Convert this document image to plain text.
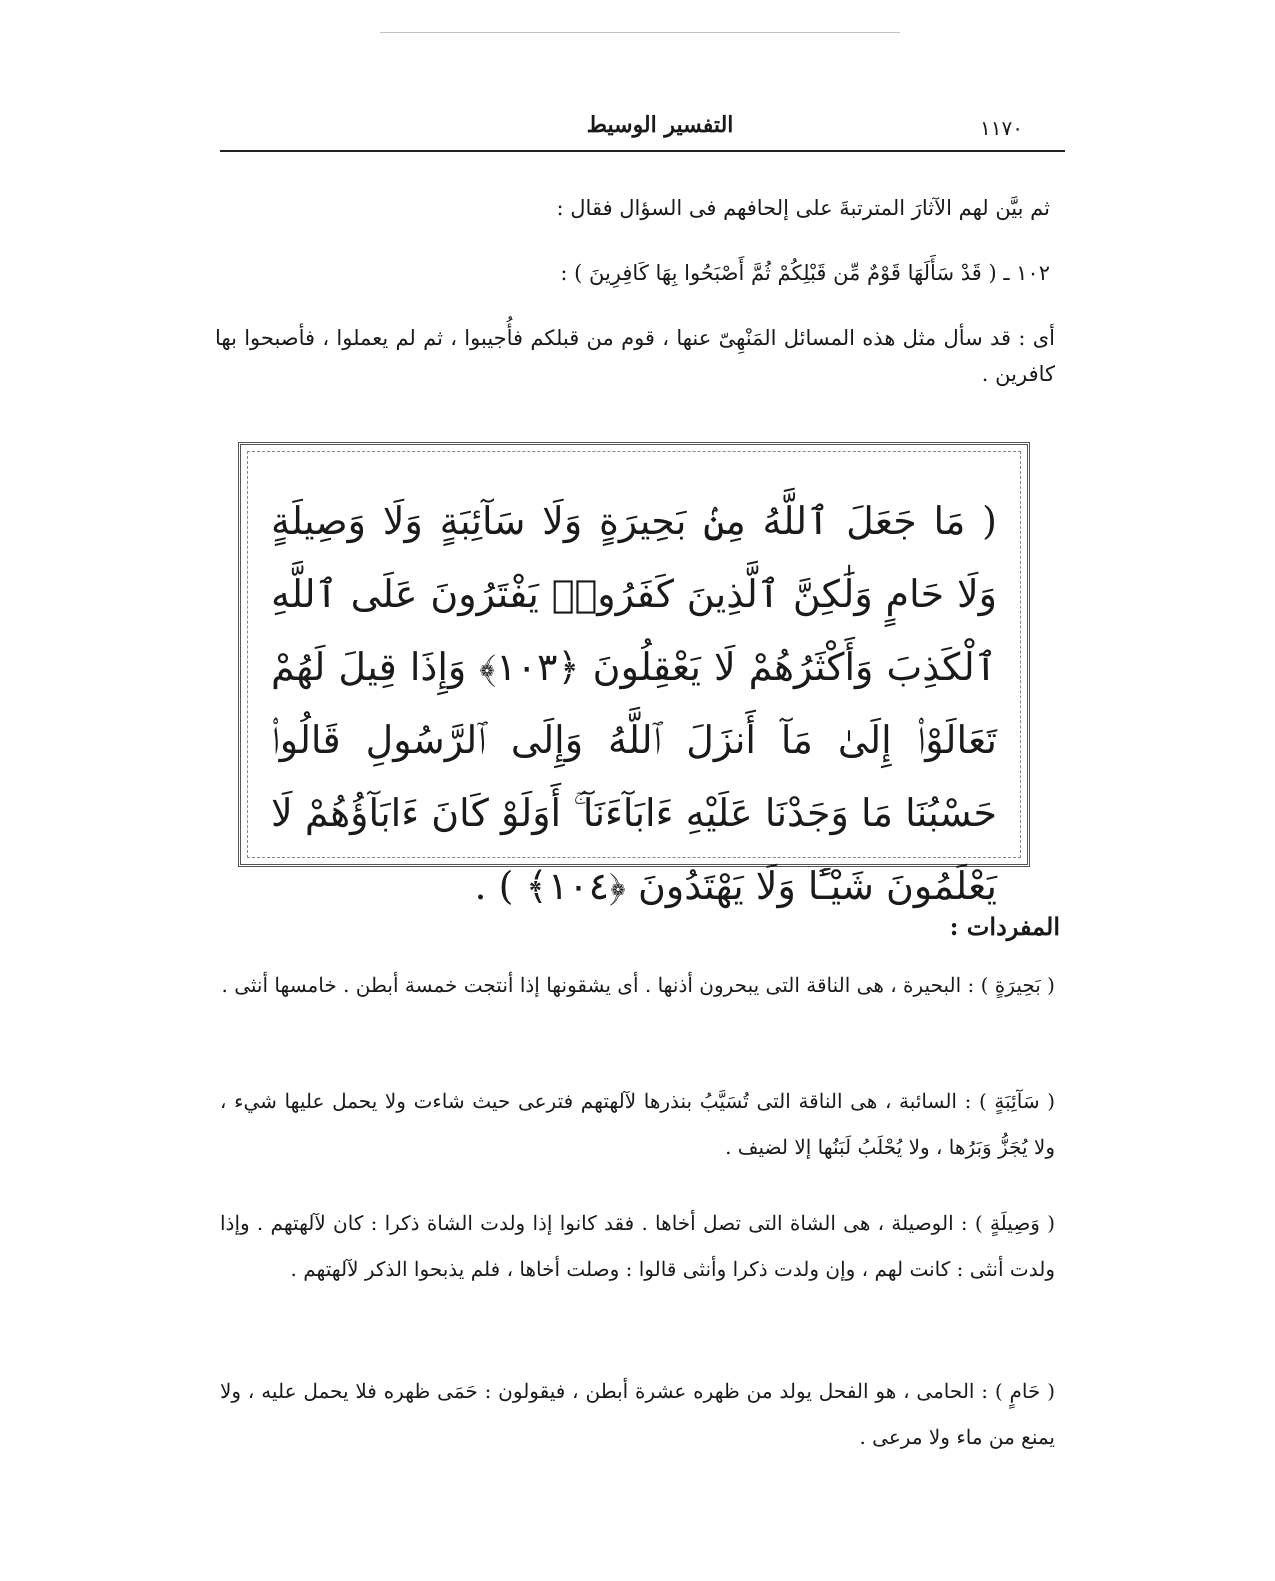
التفسير الوسيط	١١٧٠
ثم بيَّن لهم الآثارَ المترتبةَ على إلحافهم فى السؤال فقال :
١٠٢ ـ ( قَدْ سَأَلَهَا قَوْمٌ مِّن قَبْلِكُمْ ثُمَّ أَصْبَحُوا بِهَا كَافِرِينَ ) :
أى : قد سأل مثل هذه المسائل المَنْهِىّ عنها ، قوم من قبلكم فأُجيبوا ، ثم لم يعملوا ، فأصبحوا بها كافرين .
( مَا جَعَلَ ٱللَّهُ مِنۢ بَحِيرَةٍ وَلَا سَآئِبَةٍ وَلَا وَصِيلَةٍ وَلَا حَامٍ وَلَٰكِنَّ ٱلَّذِينَ كَفَرُوا۟ يَفْتَرُونَ عَلَى ٱللَّهِ ٱلْكَذِبَ وَأَكْثَرُهُمْ لَا يَعْقِلُونَ ﴿١٠٣﴾ وَإِذَا قِيلَ لَهُمْ تَعَالَوْا۟ إِلَىٰ مَآ أَنزَلَ ٱللَّهُ وَإِلَى ٱلرَّسُولِ قَالُوا۟ حَسْبُنَا مَا وَجَدْنَا عَلَيْهِ ءَابَآءَنَآ ۚ أَوَلَوْ كَانَ ءَابَآؤُهُمْ لَا يَعْلَمُونَ شَيْـًٔا وَلَا يَهْتَدُونَ ﴿١٠٤﴾ ) .
المفردات :
( بَحِيرَةٍ ) : البحيرة ، هى الناقة التى يبحرون أذنها . أى يشقونها إذا أنتجت خمسة أبطن . خامسها أنثى .
( سَآئِبَةٍ ) : السائبة ، هى الناقة التى تُسَيَّبُ بنذرها لآلهتهم فترعى حيث شاءت ولا يحمل عليها شيء ، ولا يُجَزُّ وَبَرُها ، ولا يُحْلَبُ لَبَنُها إلا لضيف .
( وَصِيلَةٍ ) : الوصيلة ، هى الشاة التى تصل أخاها . فقد كانوا إذا ولدت الشاة ذكرا : كان لآلهتهم . وإذا ولدت أنثى : كانت لهم ، وإن ولدت ذكرا وأنثى قالوا : وصلت أخاها ، فلم يذبحوا الذكر لآلهتهم .
( حَامٍ ) : الحامى ، هو الفحل يولد من ظهره عشرة أبطن ، فيقولون : حَمَى ظهره فلا يحمل عليه ، ولا يمنع من ماء ولا مرعى .
